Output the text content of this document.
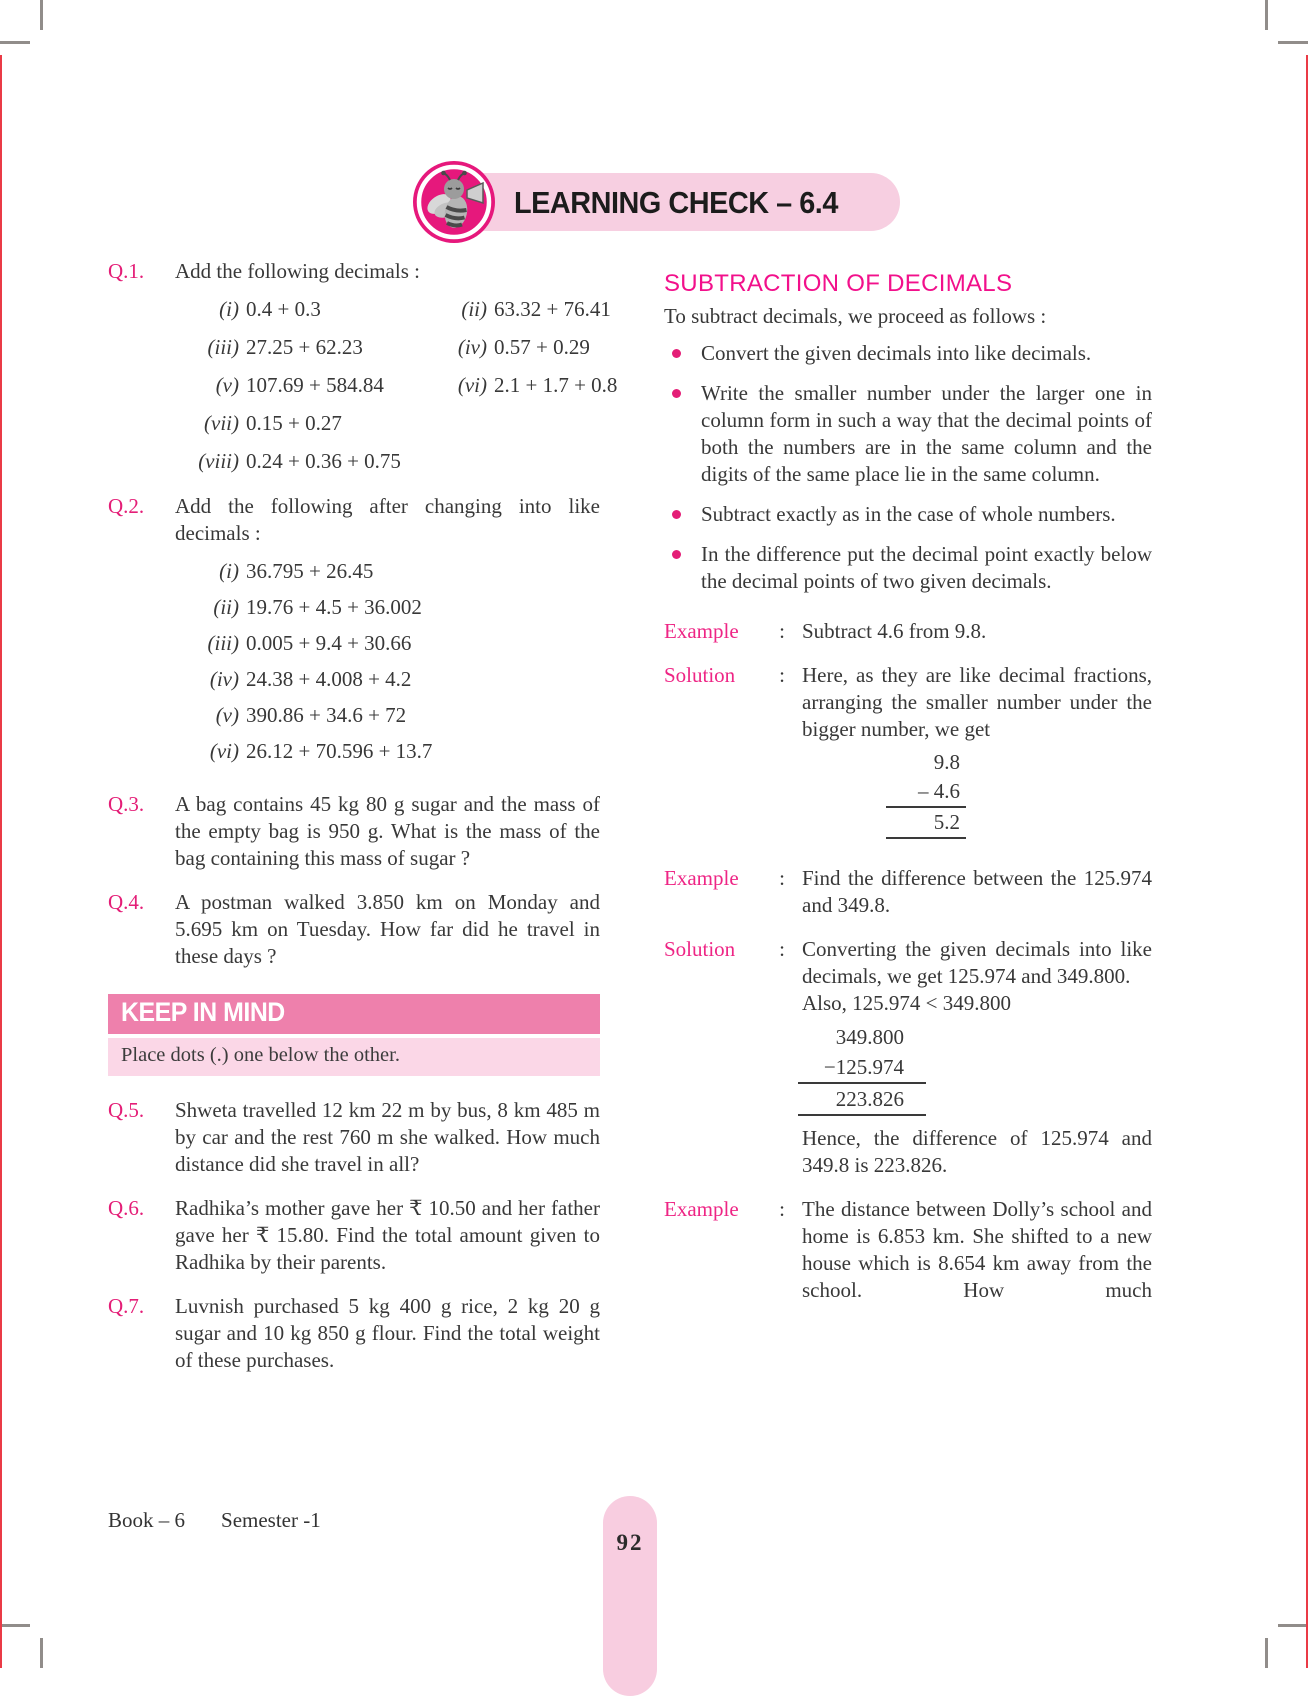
LEARNING CHECK – 6.4
Q.1.	Add the following decimals :

(i) 0.4 + 0.3	(ii) 63.32 + 76.41
(iii) 27.25 + 62.23	(iv) 0.57 + 0.29
(v) 107.69 + 584.84	(vi) 2.1 + 1.7 + 0.8
(vii) 0.15 + 0.27
(viii) 0.24 + 0.36 + 0.75
Q.2.	Add the following after changing into like decimals :

(i) 36.795 + 26.45
(ii) 19.76 + 4.5 + 36.002
(iii) 0.005 + 9.4 + 30.66
(iv) 24.38 + 4.008 + 4.2
(v) 390.86 + 34.6 + 72
(vi) 26.12 + 70.596 + 13.7
Q.3.	A bag contains 45 kg 80 g sugar and the mass of the empty bag is 950 g. What is the mass of the bag containing this mass of sugar ?

Q.4.	A postman walked 3.850 km on Monday and 5.695 km on Tuesday. How far did he travel in these days ?

KEEP IN MIND
Place dots (.) one below the other.
Q.5.	Shweta travelled 12 km 22 m by bus, 8 km 485 m by car and the rest 760 m she walked. How much distance did she travel in all?

Q.6.	Radhika’s mother gave her ₹ 10.50 and her father gave her ₹ 15.80. Find the total amount given to Radhika by their parents.

Q.7.	Luvnish purchased 5 kg 400 g rice, 2 kg 20 g sugar and 10 kg 850 g flour. Find the total weight of these purchases.

SUBTRACTION OF DECIMALS

To subtract decimals, we proceed as follows :

Convert the given decimals into like decimals.
Write the smaller number under the larger one in column form in such a way that the decimal points of both the numbers are in the same column and the digits of the same place lie in the same column.
Subtract exactly as in the case of whole numbers.
In the difference put the decimal point exactly below the decimal points of two given decimals.
Example	: Subtract 4.6 from 9.8.

Solution	: Here, as they are like decimal fractions, arranging the smaller number under the bigger number, we get

9.8
– 4.6
5.2
Example	: Find the difference between the 125.974 and 349.8.

Solution	: Converting the given decimals into like decimals, we get 125.974 and 349.800.

Also, 125.974 < 349.800

349.800
−125.974
223.826

Hence, the difference of 125.974 and 349.8 is 223.826.

Example	: The distance between Dolly’s school and home is 6.853 km. She shifted to a new house which is 8.654 km away from the school. How much

Book – 6 Semester -1
92
